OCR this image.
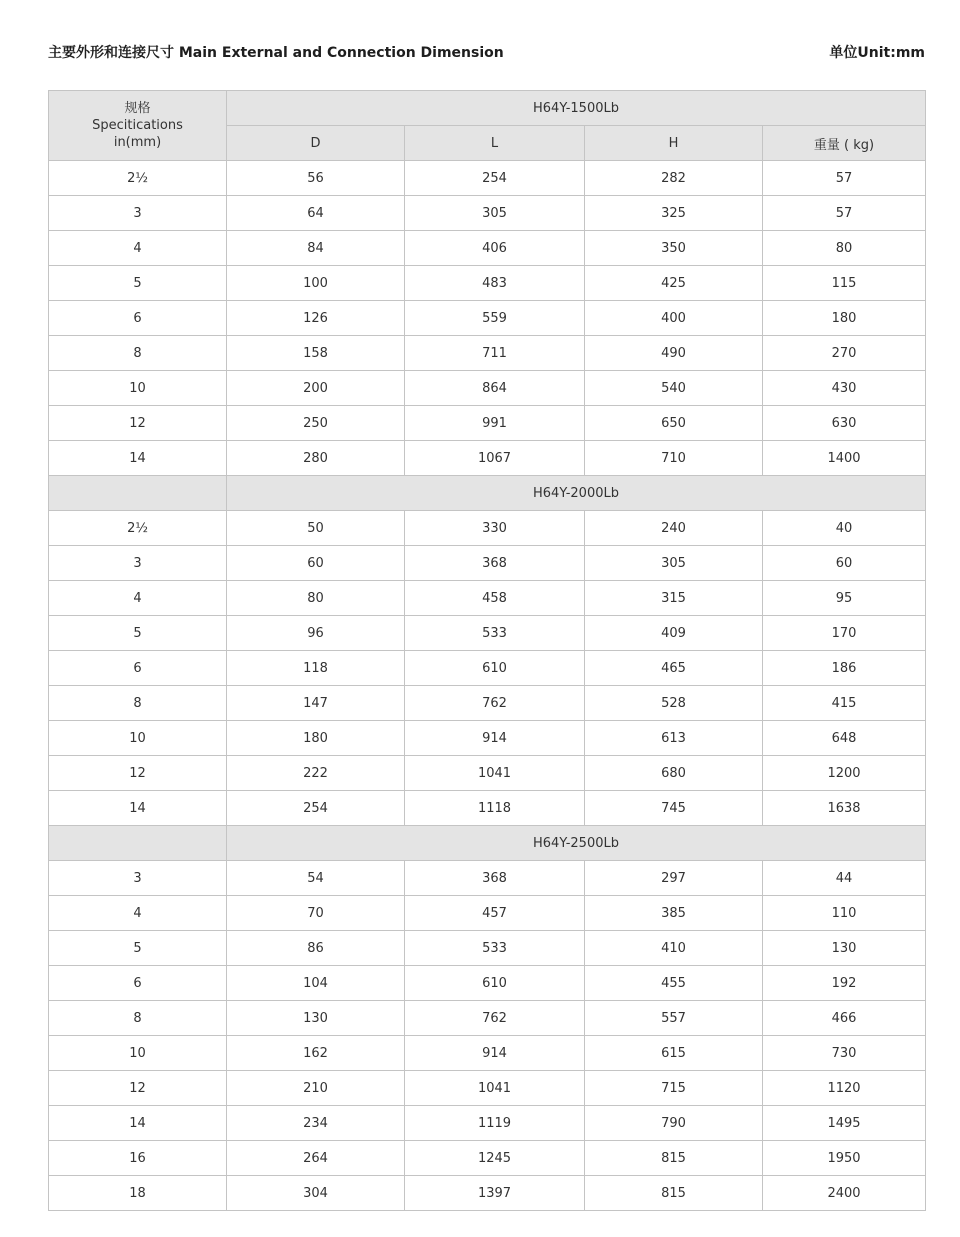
主要外形和连接尺寸 Main External and Connection Dimension	单位Unit:mm
规格
Specitications
in(mm)	H64Y-1500Lb			
	D	L	H	重量 ( kg)
2½	56	254	282	57
3	64	305	325	57
4	84	406	350	80
5	100	483	425	115
6	126	559	400	180
8	158	711	490	270
10	200	864	540	430
12	250	991	650	630
14	280	1067	710	1400
	H64Y-2000Lb			
2½	50	330	240	40
3	60	368	305	60
4	80	458	315	95
5	96	533	409	170
6	118	610	465	186
8	147	762	528	415
10	180	914	613	648
12	222	1041	680	1200
14	254	1118	745	1638
	H64Y-2500Lb			
3	54	368	297	44
4	70	457	385	110
5	86	533	410	130
6	104	610	455	192
8	130	762	557	466
10	162	914	615	730
12	210	1041	715	1120
14	234	1119	790	1495
16	264	1245	815	1950
18	304	1397	815	2400
